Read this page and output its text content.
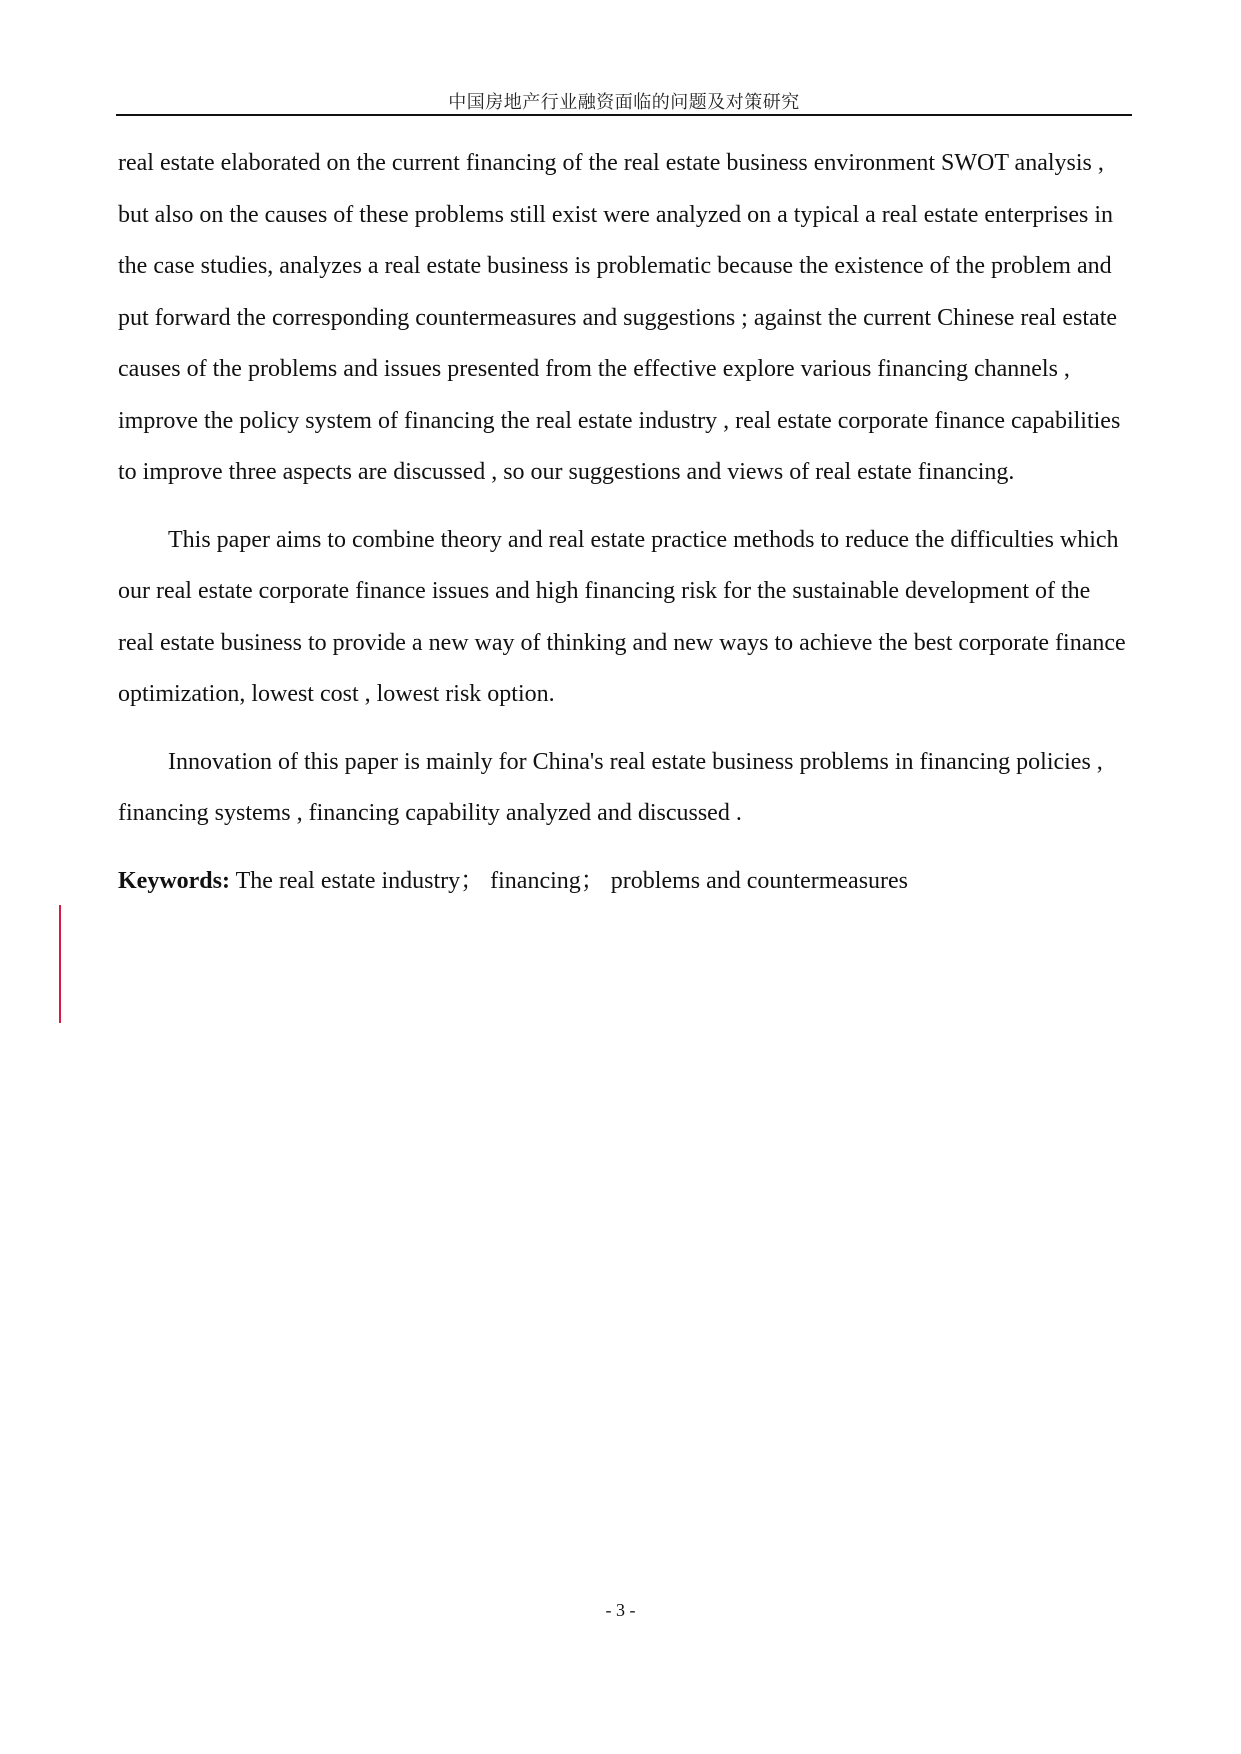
中国房地产行业融资面临的问题及对策研究

real estate elaborated on the current financing of the real estate business environment SWOT analysis , but also on the causes of these problems still exist were analyzed on a typical a real estate enterprises in the case studies, analyzes a real estate business is problematic because the existence of the problem and put forward the corresponding countermeasures and suggestions ; against the current Chinese real estate causes of the problems and issues presented from the effective explore various financing channels , improve the policy system of financing the real estate industry , real estate corporate finance capabilities to improve three aspects are discussed , so our suggestions and views of real estate financing.

This paper aims to combine theory and real estate practice methods to reduce the difficulties which our real estate corporate finance issues and high financing risk for the sustainable development of the real estate business to provide a new way of thinking and new ways to achieve the best corporate finance optimization, lowest cost , lowest risk option.

Innovation of this paper is mainly for China's real estate business problems in financing policies , financing systems , financing capability analyzed and discussed .

Keywords: The real estate industry； financing； problems and countermeasures

- 3 -
